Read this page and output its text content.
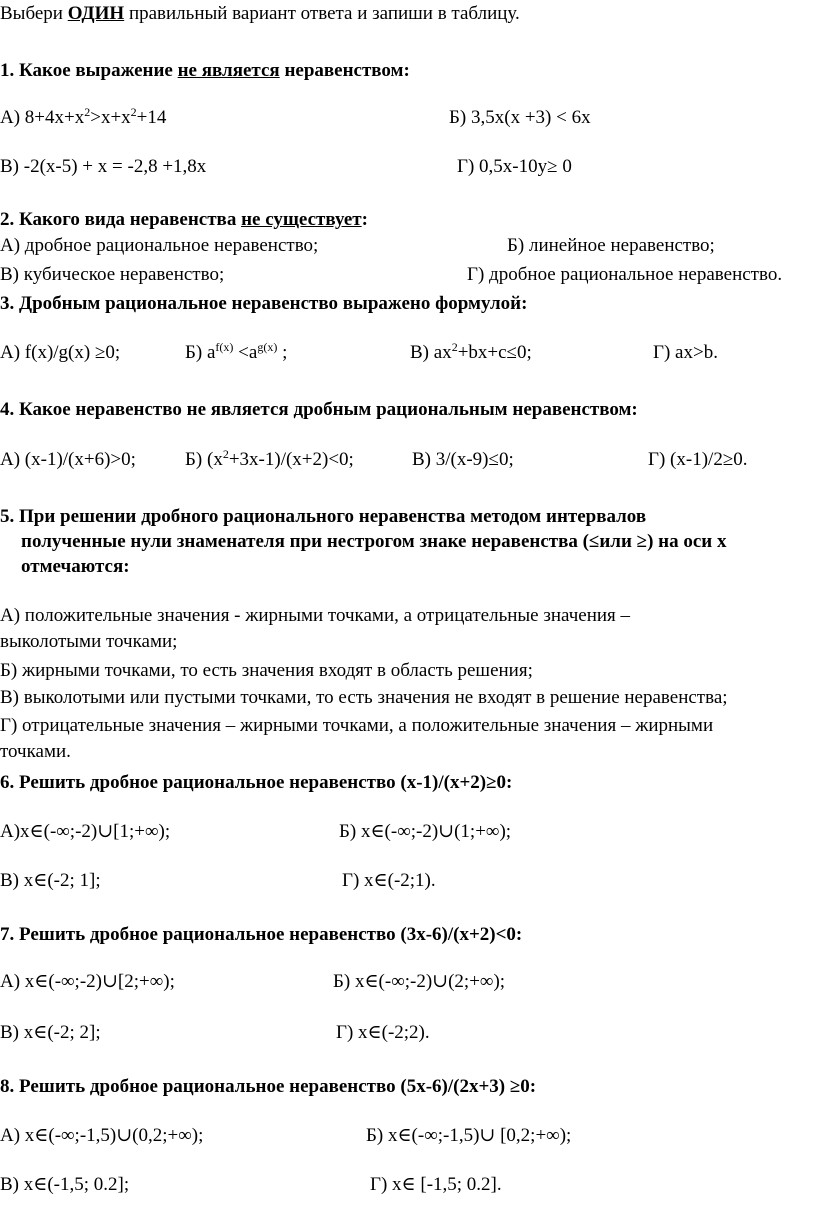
Выбери ОДИН правильный вариант ответа и запиши в таблицу.
1. Какое выражение не является неравенством:
А) $8+4х+х^2>х+х^2+14$	Б) 3,5х(х +3) < 6х
В) -2(х-5) + х = -2,8 +1,8х	Г) 0,5х-10у≥ 0
2. Какого вида неравенства не существует:
А) дробное рациональное неравенство;	Б) линейное неравенство;
В) кубическое неравенство;	Г) дробное рациональное неравенство.
3. Дробным рациональное неравенство выражено формулой:
А) f(x)/g(x) ≥0;	Б) $a^{f(x)} <a^{g(x)}$ ;	В) $ах^2+bx+c\le 0$;	Г) ах>b.
4. Какое неравенство не является дробным рациональным неравенством:
А) (х-1)/(х+6)>0;	Б) $(х^2+3х-1)/(х+2)<0$;	В) 3/(х-9)≤0;	Г) (х-1)/2≥0.
5. При решении дробного рационального неравенства методом интервалов
полученные нули знаменателя при нестрогом знаке неравенства (≤или ≥) на оси х
отмечаются:
А) положительные значения - жирными точками, а отрицательные значения –
выколотыми точками;
Б) жирными точками, то есть значения входят в область решения;
В) выколотыми или пустыми точками, то есть значения не входят в решение неравенства;
Г) отрицательные значения – жирными точками, а положительные значения – жирными
точками.
6. Решить дробное рациональное неравенство (х-1)/(х+2)≥0:
А)х∈(-∞;-2)∪[1;+∞);	Б) х∈(-∞;-2)∪(1;+∞);
В) х∈(-2; 1];	Г) х∈(-2;1).
7. Решить дробное рациональное неравенство (3х-6)/(х+2)<0:
А) х∈(-∞;-2)∪[2;+∞);	Б) х∈(-∞;-2)∪(2;+∞);
В) х∈(-2; 2];	Г) х∈(-2;2).
8. Решить дробное рациональное неравенство (5х-6)/(2х+3) ≥0:
А) х∈(-∞;-1,5)∪(0,2;+∞);	Б) х∈(-∞;-1,5)∪ [0,2;+∞);
В) х∈(-1,5; 0.2];	Г) х∈ [-1,5; 0.2].
